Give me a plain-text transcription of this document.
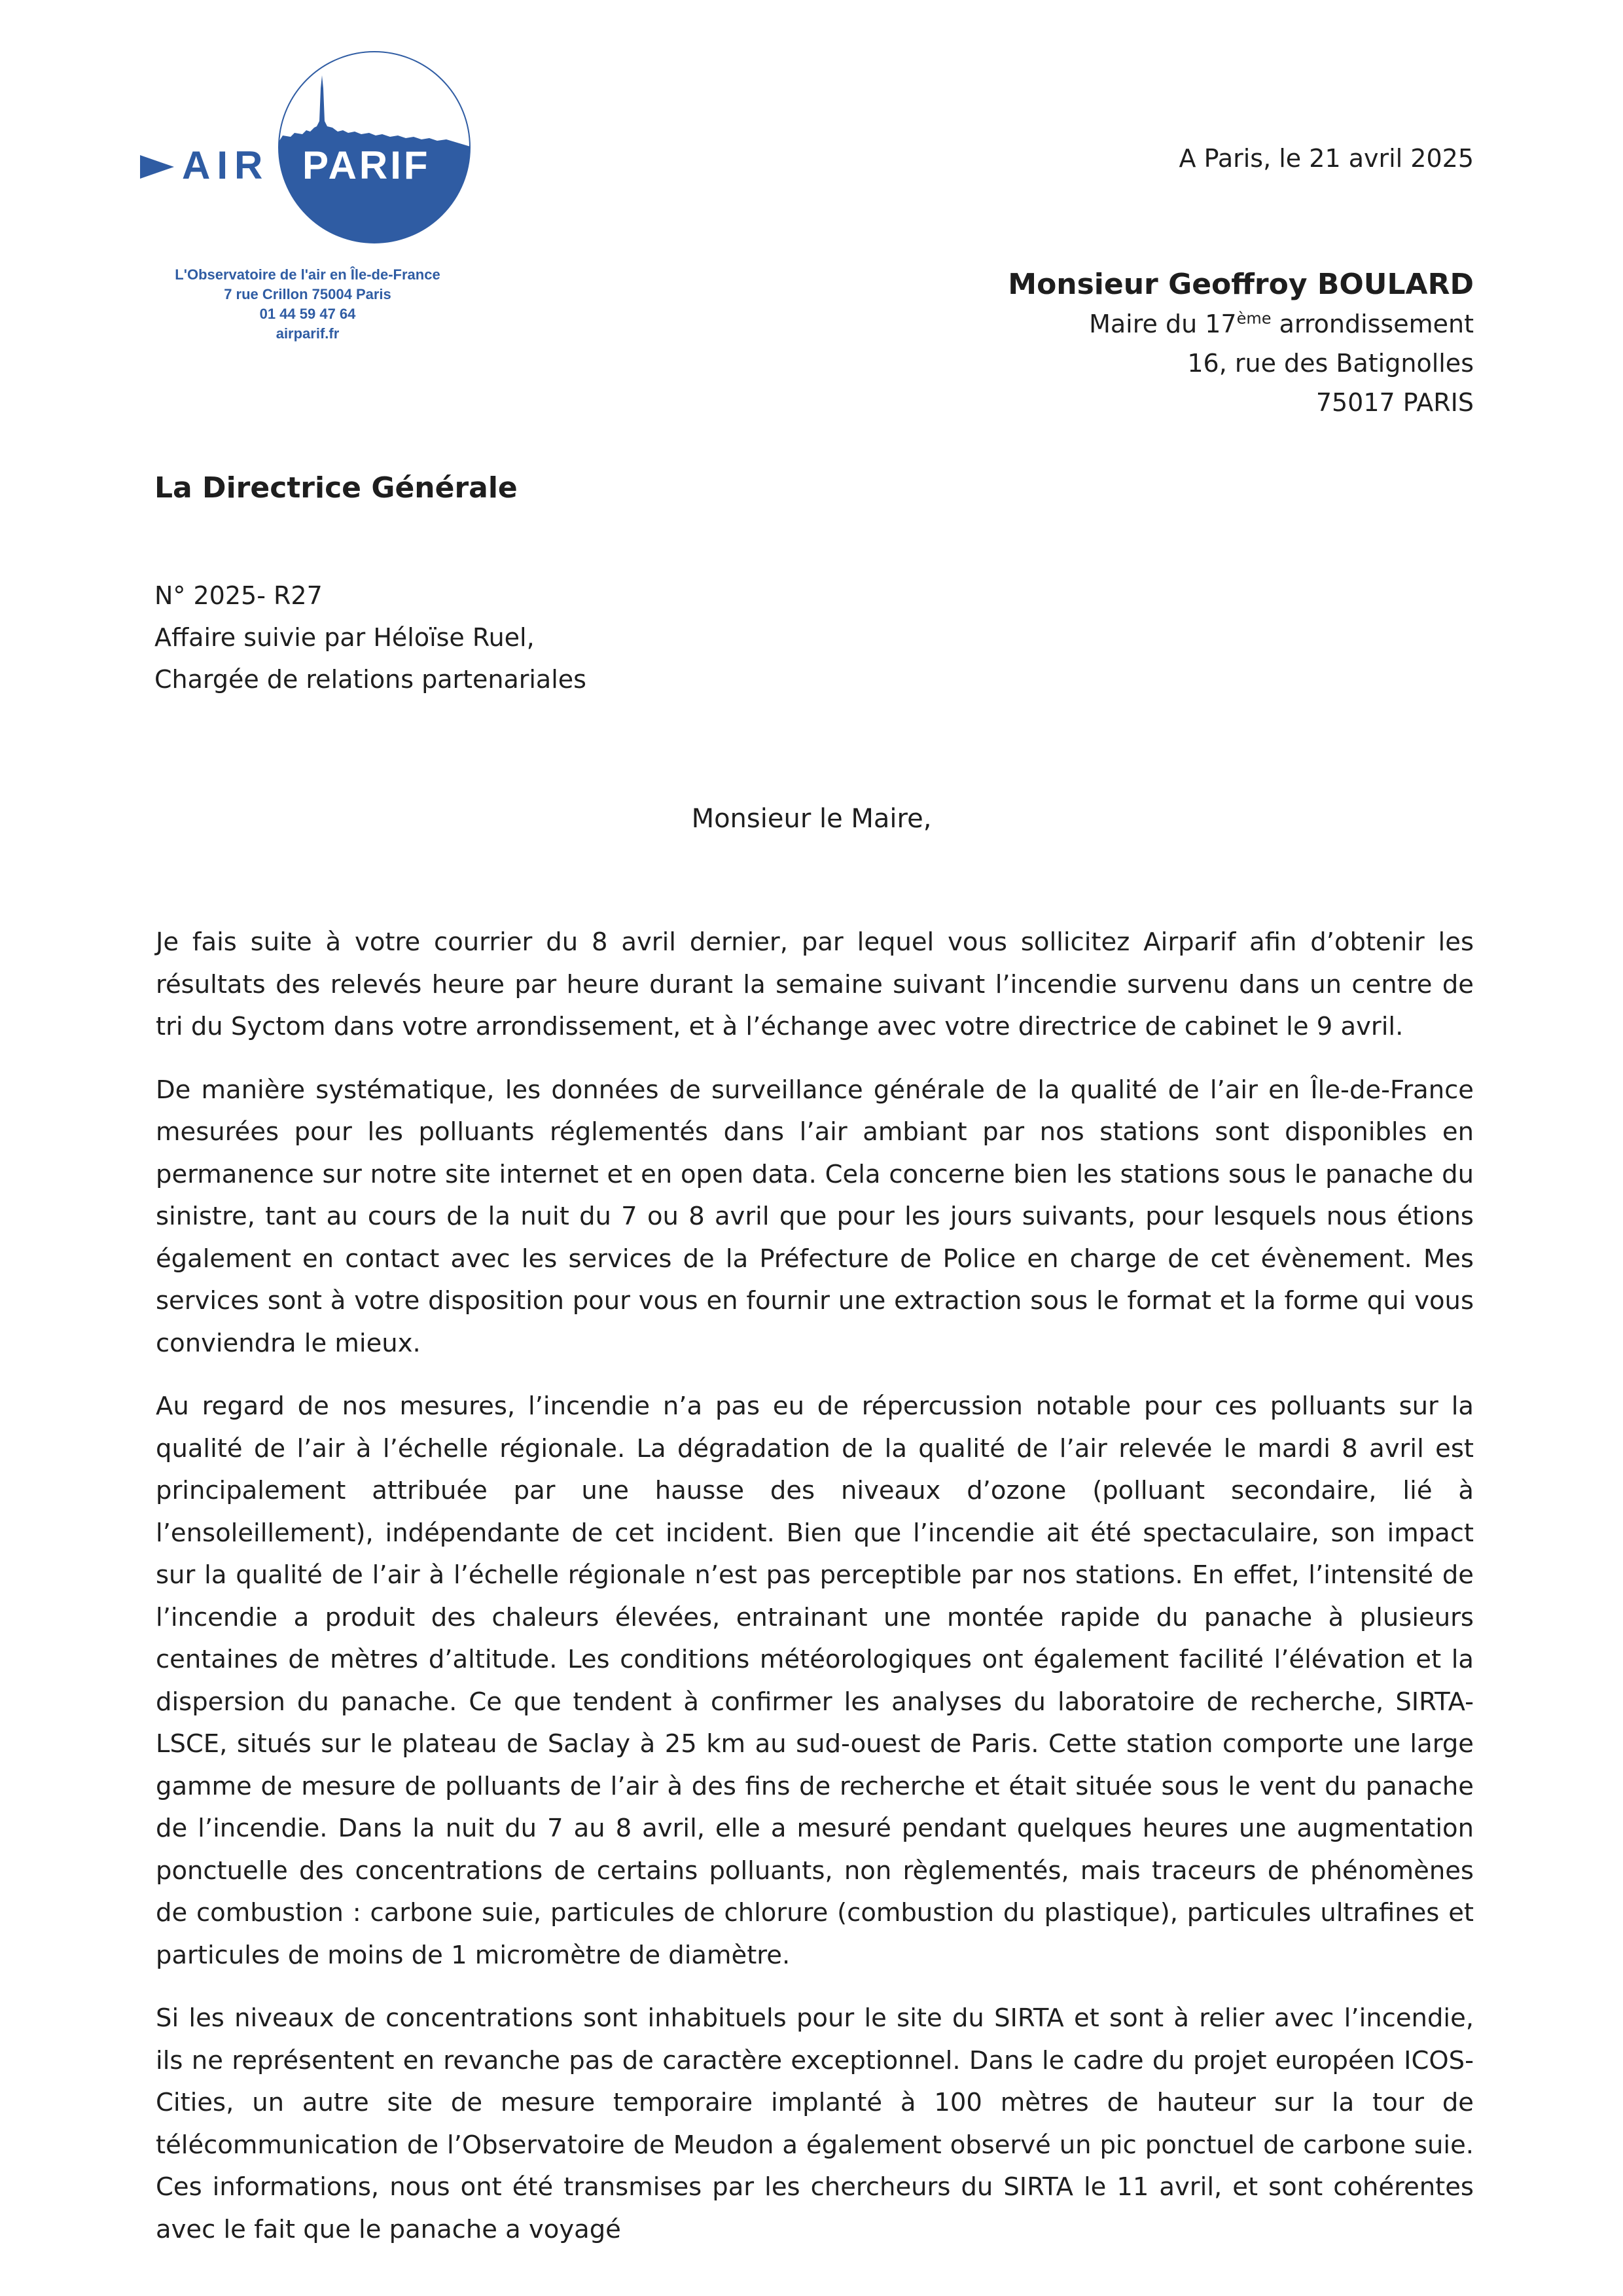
AIR PARIF
L'Observatoire de l'air en Île-de-France
7 rue Crillon 75004 Paris
01 44 59 47 64
airparif.fr
A Paris, le 21 avril 2025
Monsieur Geoffroy BOULARD
Maire du 17ème arrondissement
16, rue des Batignolles
75017 PARIS
La Directrice Générale
N° 2025- R27
Affaire suivie par Héloïse Ruel,
Chargée de relations partenariales
Monsieur le Maire,

Je fais suite à votre courrier du 8 avril dernier, par lequel vous sollicitez Airparif afin d’obtenir les résultats des relevés heure par heure durant la semaine suivant l’incendie survenu dans un centre de tri du Syctom dans votre arrondissement, et à l’échange avec votre directrice de cabinet le 9 avril.

De manière systématique, les données de surveillance générale de la qualité de l’air en Île-de-France mesurées pour les polluants réglementés dans l’air ambiant par nos stations sont disponibles en permanence sur notre site internet et en open data. Cela concerne bien les stations sous le panache du sinistre, tant au cours de la nuit du 7 ou 8 avril que pour les jours suivants, pour lesquels nous étions également en contact avec les services de la Préfecture de Police en charge de cet évènement. Mes services sont à votre disposition pour vous en fournir une extraction sous le format et la forme qui vous conviendra le mieux.

Au regard de nos mesures, l’incendie n’a pas eu de répercussion notable pour ces polluants sur la qualité de l’air à l’échelle régionale. La dégradation de la qualité de l’air relevée le mardi 8 avril est principalement attribuée par une hausse des niveaux d’ozone (polluant secondaire, lié à l’ensoleillement), indépendante de cet incident. Bien que l’incendie ait été spectaculaire, son impact sur la qualité de l’air à l’échelle régionale n’est pas perceptible par nos stations. En effet, l’intensité de l’incendie a produit des chaleurs élevées, entrainant une montée rapide du panache à plusieurs centaines de mètres d’altitude. Les conditions météorologiques ont également facilité l’élévation et la dispersion du panache. Ce que tendent à confirmer les analyses du laboratoire de recherche, SIRTA-LSCE, situés sur le plateau de Saclay à 25 km au sud-ouest de Paris. Cette station comporte une large gamme de mesure de polluants de l’air à des fins de recherche et était située sous le vent du panache de l’incendie. Dans la nuit du 7 au 8 avril, elle a mesuré pendant quelques heures une augmentation ponctuelle des concentrations de certains polluants, non règlementés, mais traceurs de phénomènes de combustion : carbone suie, particules de chlorure (combustion du plastique), particules ultrafines et particules de moins de 1 micromètre de diamètre.

Si les niveaux de concentrations sont inhabituels pour le site du SIRTA et sont à relier avec l’incendie, ils ne représentent en revanche pas de caractère exceptionnel. Dans le cadre du projet européen ICOS-Cities, un autre site de mesure temporaire implanté à 100 mètres de hauteur sur la tour de télécommunication de l’Observatoire de Meudon a également observé un pic ponctuel de carbone suie. Ces informations, nous ont été transmises par les chercheurs du SIRTA le 11 avril, et sont cohérentes avec le fait que le panache a voyagé
